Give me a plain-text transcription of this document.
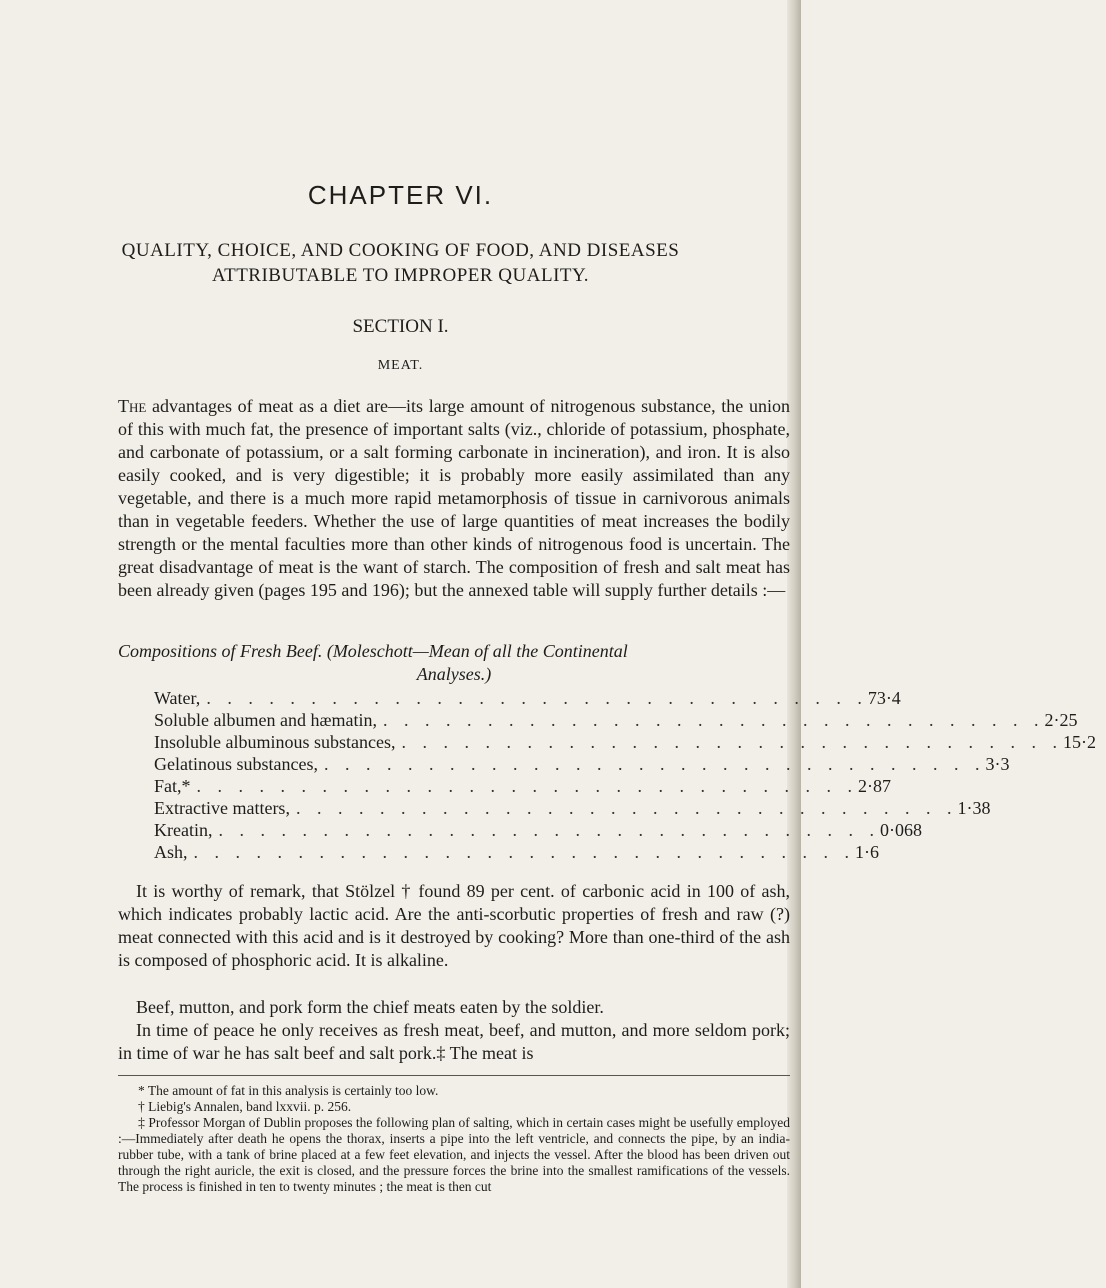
CHAPTER VI.
QUALITY, CHOICE, AND COOKING OF FOOD, AND DISEASES
ATTRIBUTABLE TO IMPROPER QUALITY.
SECTION I.
MEAT.
The advantages of meat as a diet are—its large amount of nitrogenous substance, the union of this with much fat, the presence of important salts (viz., chloride of potassium, phosphate, and carbonate of potassium, or a salt forming carbonate in incineration), and iron. It is also easily cooked, and is very digestible; it is probably more easily assimilated than any vegetable, and there is a much more rapid metamorphosis of tissue in carnivorous animals than in vegetable feeders. Whether the use of large quantities of meat increases the bodily strength or the mental faculties more than other kinds of nitrogenous food is uncertain. The great disadvantage of meat is the want of starch. The composition of fresh and salt meat has been already given (pages 195 and 196); but the annexed table will supply further details :—
Compositions of Fresh Beef. (Moleschott—Mean of all the Continental
Analyses.)
Water, . . . . . . . . . . . . . . . . . . . . . . . . . . . . . . . . 73·4
Soluble albumen and hæmatin, . . . . . . . . . . . . . . . . . . . . . . . . . . . . . . . . 2·25
Insoluble albuminous substances, . . . . . . . . . . . . . . . . . . . . . . . . . . . . . . . . 15·2
Gelatinous substances, . . . . . . . . . . . . . . . . . . . . . . . . . . . . . . . . 3·3
Fat,* . . . . . . . . . . . . . . . . . . . . . . . . . . . . . . . . 2·87
Extractive matters, . . . . . . . . . . . . . . . . . . . . . . . . . . . . . . . . 1·38
Kreatin, . . . . . . . . . . . . . . . . . . . . . . . . . . . . . . . . 0·068
Ash, . . . . . . . . . . . . . . . . . . . . . . . . . . . . . . . . 1·6
It is worthy of remark, that Stölzel † found 89 per cent. of carbonic acid in 100 of ash, which indicates probably lactic acid. Are the anti-scorbutic properties of fresh and raw (?) meat connected with this acid and is it destroyed by cooking? More than one-third of the ash is composed of phosphoric acid. It is alkaline.
Beef, mutton, and pork form the chief meats eaten by the soldier.
In time of peace he only receives as fresh meat, beef, and mutton, and more seldom pork; in time of war he has salt beef and salt pork.‡ The meat is
* The amount of fat in this analysis is certainly too low.
† Liebig's Annalen, band lxxvii. p. 256.
‡ Professor Morgan of Dublin proposes the following plan of salting, which in certain cases might be usefully employed :—Immediately after death he opens the thorax, inserts a pipe into the left ventricle, and connects the pipe, by an india-rubber tube, with a tank of brine placed at a few feet elevation, and injects the vessel. After the blood has been driven out through the right auricle, the exit is closed, and the pressure forces the brine into the smallest ramifications of the vessels. The process is finished in ten to twenty minutes ; the meat is then cut
